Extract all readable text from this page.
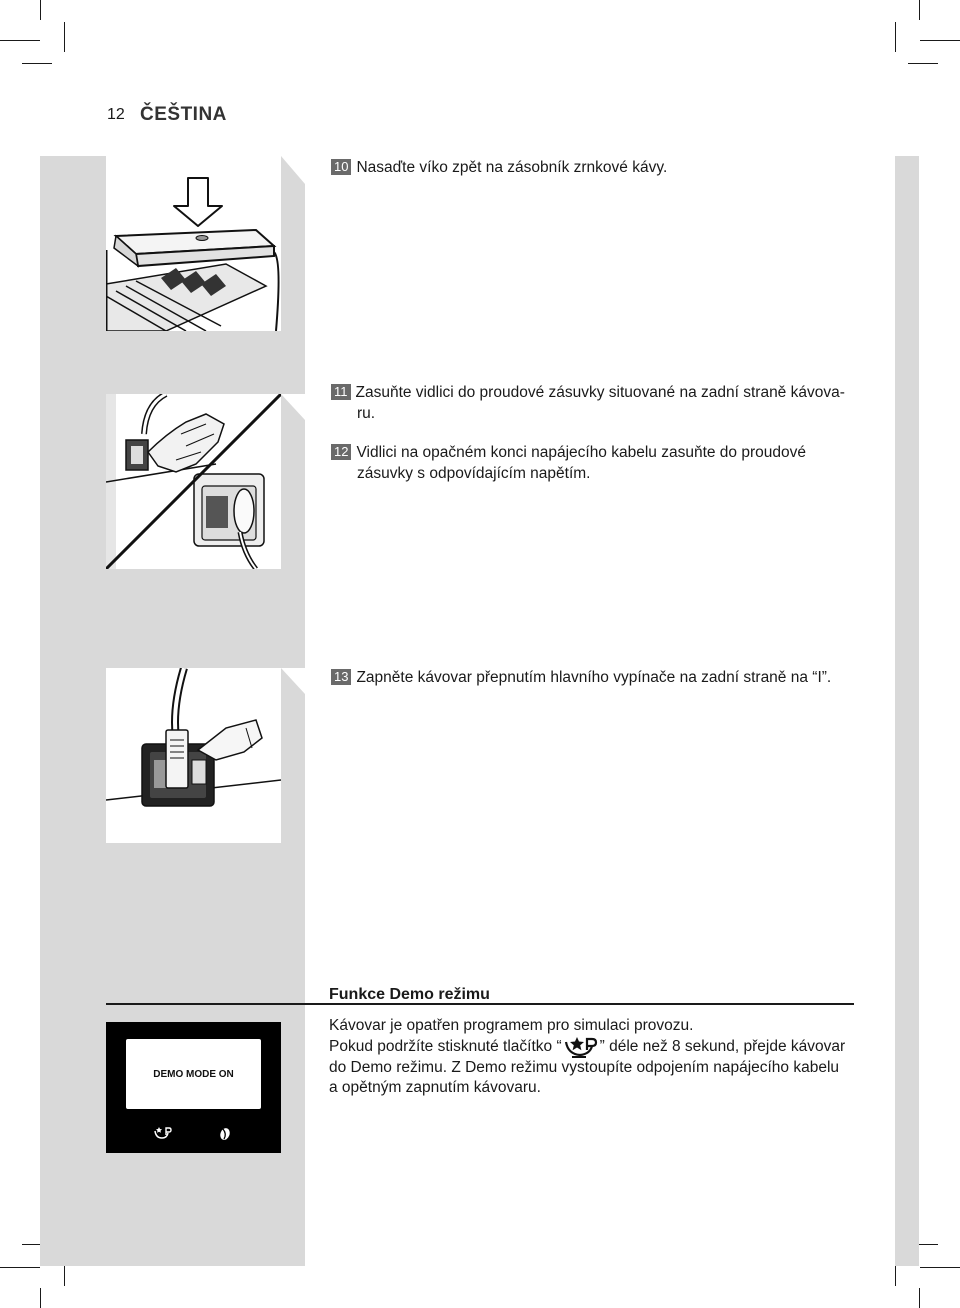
12 ČEŠTINA
10 Nasaďte víko zpět na zásobník zrnkové kávy.
11 Zasuňte vidlici do proudové zásuvky situované na zadní straně kávova-
ru.
12 Vidlici na opačném konci napájecího kabelu zasuňte do proudové
zásuvky s odpovídajícím napětím.
13 Zapněte kávovar přepnutím hlavního vypínače na zadní straně na “I”.
Funkce Demo režimu
Kávovar je opatřen programem pro simulaci provozu.
Pokud podržíte stisknuté tlačítko “ ” déle než 8 sekund, přejde kávovar
do Demo režimu. Z Demo režimu vystoupíte odpojením napájecího kabelu
a opětným zapnutím kávovaru.
DEMO MODE ON
